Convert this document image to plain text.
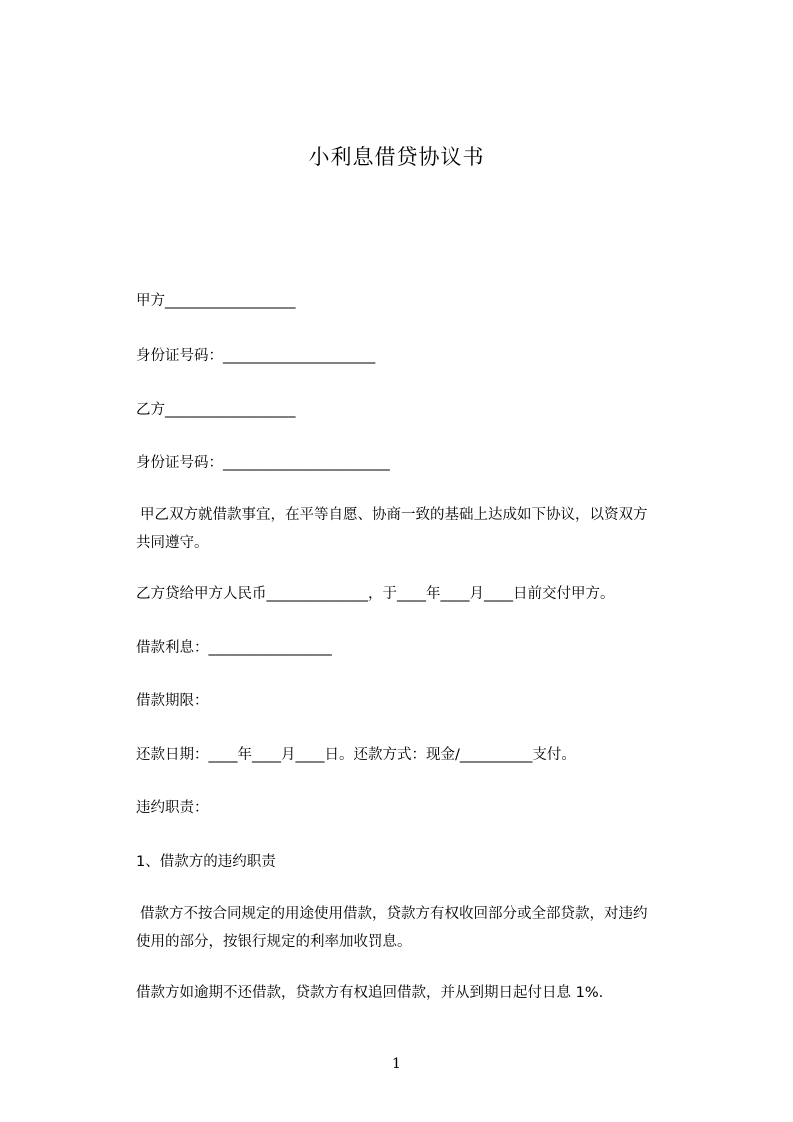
小利息借贷协议书
甲方__________________
身份证号码：_____________________
乙方__________________
身份证号码：_______________________
甲乙双方就借款事宜，在平等自愿、协商一致的基础上达成如下协议，以资双方
共同遵守。
乙方贷给甲方人民币______________，于____年____月____日前交付甲方。
借款利息：_________________
借款期限：
还款日期：____年____月____日。还款方式：现金/__________支付。
违约职责：
1、借款方的违约职责
借款方不按合同规定的用途使用借款，贷款方有权收回部分或全部贷款，对违约
使用的部分，按银行规定的利率加收罚息。
借款方如逾期不还借款，贷款方有权追回借款，并从到期日起付日息 1%.
1
